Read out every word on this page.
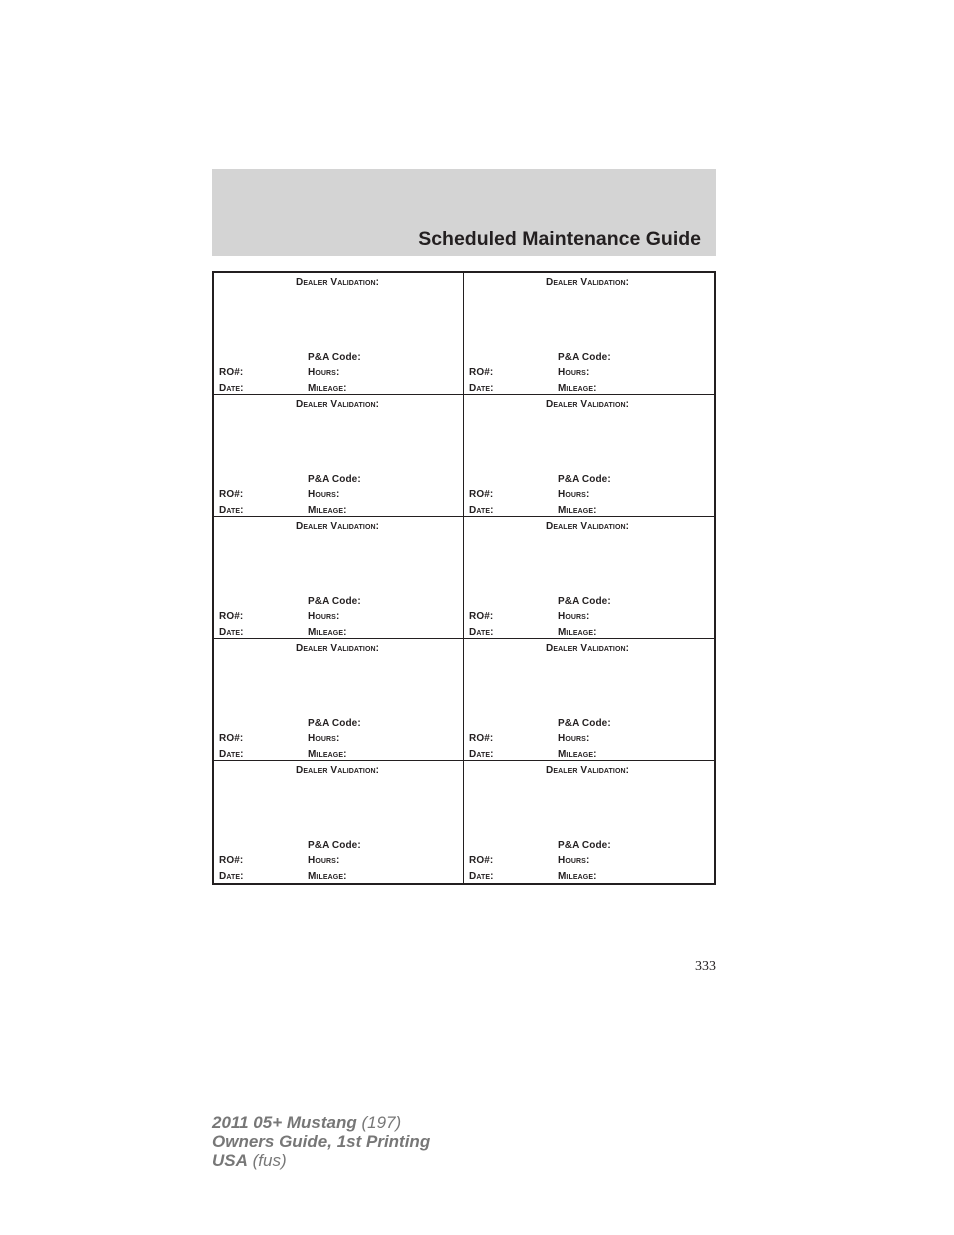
Scheduled Maintenance Guide
Dealer Validation:
P&A Code:
RO#:	Hours:
Date:	Mileage:
Dealer Validation:
P&A Code:
RO#:	Hours:
Date:	Mileage:
Dealer Validation:
P&A Code:
RO#:	Hours:
Date:	Mileage:
Dealer Validation:
P&A Code:
RO#:	Hours:
Date:	Mileage:
Dealer Validation:
P&A Code:
RO#:	Hours:
Date:	Mileage:
Dealer Validation:
P&A Code:
RO#:	Hours:
Date:	Mileage:
Dealer Validation:
P&A Code:
RO#:	Hours:
Date:	Mileage:
Dealer Validation:
P&A Code:
RO#:	Hours:
Date:	Mileage:
Dealer Validation:
P&A Code:
RO#:	Hours:
Date:	Mileage:
Dealer Validation:
P&A Code:
RO#:	Hours:
Date:	Mileage:
333
2011 05+ Mustang (197)
Owners Guide, 1st Printing
USA (fus)
